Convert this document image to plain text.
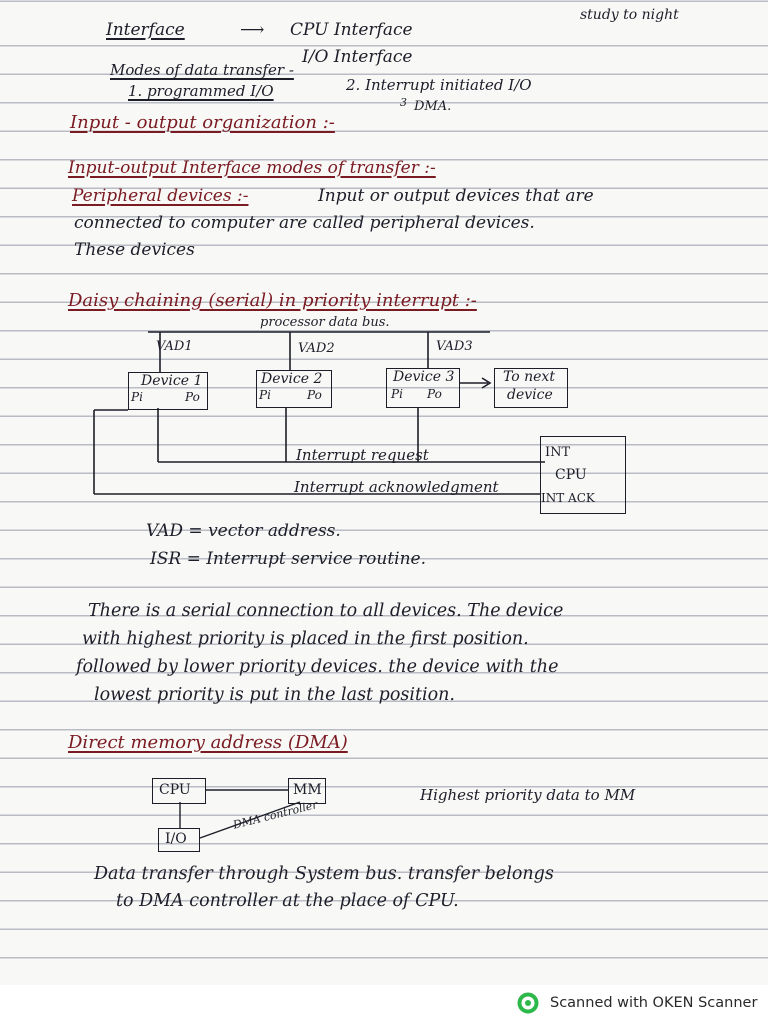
study to night
Interface	⟶ CPU Interface
I/O Interface
Modes of data transfer -
1. programmed I/O	2. Interrupt initiated I/O
3 DMA.
Input - output organization :-
Input-output Interface modes of transfer :-
Peripheral devices :-	Input or output devices that are
connected to computer are called peripheral devices.
These devices
Daisy chaining (serial) in priority interrupt :-
processor data bus.
VAD1	VAD2	VAD3
Device 1
Pi	Po
Device 2
Pi	Po
Device 3
Pi Po
To next
device
INT
CPU
INT ACK
Interrupt request
Interrupt acknowledgment
VAD = vector address.
ISR = Interrupt service routine.
There is a serial connection to all devices. The device
with highest priority is placed in the first position.
followed by lower priority devices. the device with the
lowest priority is put in the last position.
Direct memory address (DMA)
CPU	MM
I/O
DMA controller
Highest priority data to MM
Data transfer through System bus. transfer belongs
to DMA controller at the place of CPU.
Scanned with OKEN Scanner
